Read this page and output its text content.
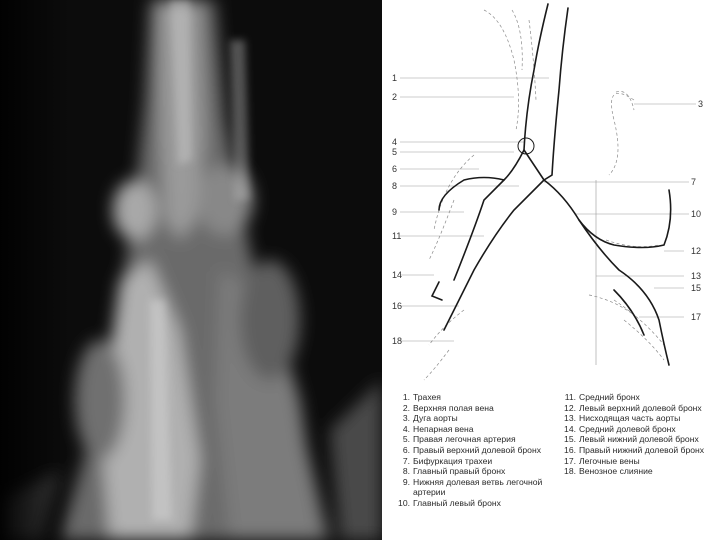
1
2
3
4
5
6
7
8
9	10
11
12
13
14
15
16
17
18
1. Трахея
2. Верхняя полая вена
3. Дуга аорты
4. Непарная вена
5. Правая легочная артерия
6. Правый верхний долевой бронх
7. Бифуркация трахеи
8. Главный правый бронх
9. Нижняя долевая ветвь легочной артерии
10. Главный левый бронх
11. Средний бронх
12. Левый верхний долевой бронх
13. Нисходящая часть аорты
14. Средний долевой бронх
15. Левый нижний долевой бронх
16. Правый нижний долевой бронх
17. Легочные вены
18. Венозное слияние
